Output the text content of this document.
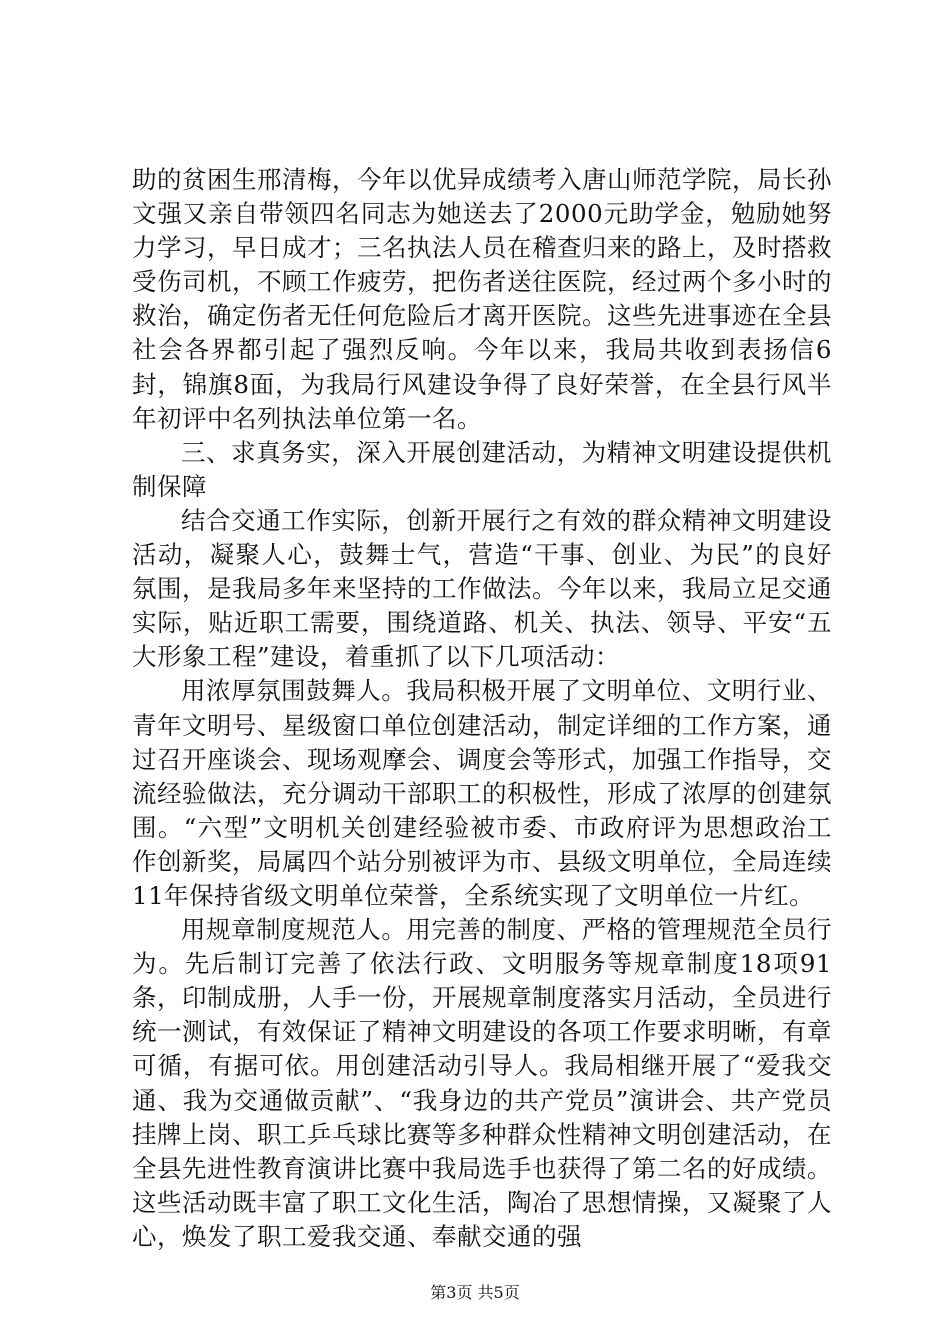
助的贫困生邢清梅，今年以优异成绩考入唐山师范学院，局长孙文强又亲自带领四名同志为她送去了2000元助学金，勉励她努力学习，早日成才；三名执法人员在稽查归来的路上，及时搭救受伤司机，不顾工作疲劳，把伤者送往医院，经过两个多小时的救治，确定伤者无任何危险后才离开医院。这些先进事迹在全县社会各界都引起了强烈反响。今年以来，我局共收到表扬信6封，锦旗8面，为我局行风建设争得了良好荣誉，在全县行风半年初评中名列执法单位第一名。

三、求真务实，深入开展创建活动，为精神文明建设提供机制保障

结合交通工作实际，创新开展行之有效的群众精神文明建设活动，凝聚人心，鼓舞士气，营造“干事、创业、为民”的良好氛围，是我局多年来坚持的工作做法。今年以来，我局立足交通实际，贴近职工需要，围绕道路、机关、执法、领导、平安“五大形象工程”建设，着重抓了以下几项活动：

用浓厚氛围鼓舞人。我局积极开展了文明单位、文明行业、青年文明号、星级窗口单位创建活动，制定详细的工作方案，通过召开座谈会、现场观摩会、调度会等形式，加强工作指导，交流经验做法，充分调动干部职工的积极性，形成了浓厚的创建氛围。“六型”文明机关创建经验被市委、市政府评为思想政治工作创新奖，局属四个站分别被评为市、县级文明单位，全局连续11年保持省级文明单位荣誉，全系统实现了文明单位一片红。

用规章制度规范人。用完善的制度、严格的管理规范全员行为。先后制订完善了依法行政、文明服务等规章制度18项91条，印制成册，人手一份，开展规章制度落实月活动，全员进行统一测试，有效保证了精神文明建设的各项工作要求明晰，有章可循，有据可依。用创建活动引导人。我局相继开展了“爱我交通、我为交通做贡献”、“我身边的共产党员”演讲会、共产党员挂牌上岗、职工乒乓球比赛等多种群众性精神文明创建活动，在全县先进性教育演讲比赛中我局选手也获得了第二名的好成绩。这些活动既丰富了职工文化生活，陶冶了思想情操，又凝聚了人心，焕发了职工爱我交通、奉献交通的强

第3页 共5页
